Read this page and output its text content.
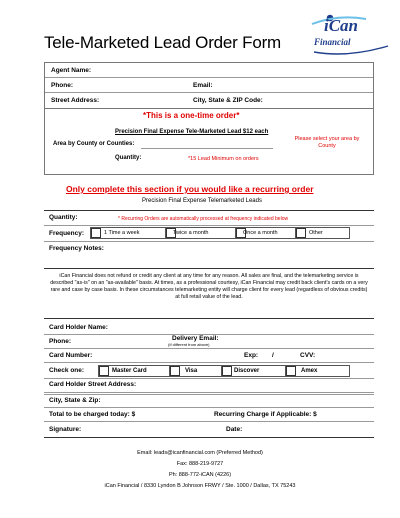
Tele-Marketed Lead Order Form
iCan
Financial
Agent Name:
Phone:	Email:
Street Address:	City, State & ZIP Code:
*This is a one-time order*
Precision Final Expense Tele-Marketed Lead $12 each
Area by County or Counties:
Please select your area by County
Quantity:	*15 Lead Minimum on orders
Only complete this section if you would like a recurring order
Precision Final Expense Telemarketed Leads
Quantity:	* Recurring Orders are automatically processed at frequency indicated below
Frequency:	1 Time a week	Twice a month	Once a month	Other
Frequency Notes:
iCan Financial does not refund or credit any client at any time for any reason. All sales are final, and the telemarketing service is described "as-is" on an "as-available" basis. At times, as a professional courtesy, iCan Financial may credit back client's cards on a very rare and case by case basis. In these circumstances telemarketing entity will charge client for every lead (regardless of obvious credits) at full retail value of the lead.
Card Holder Name:
Phone:	Delivery Email:
(If different from above)
Card Number:	Exp: /	CVV:
Check one:	Master Card	Visa	Discover	Amex
Card Holder Street Address:
City, State & Zip:
Total to be charged today: $	Recurring Charge if Applicable: $
Signature:	Date:
Email: leads@icanfinancial.com (Preferred Method)
Fax: 888-219-9727
Ph: 888-772-iCAN (4226)
iCan Financial / 8330 Lyndon B Johnson FRWY / Ste. 1000 / Dallas, TX 75243
